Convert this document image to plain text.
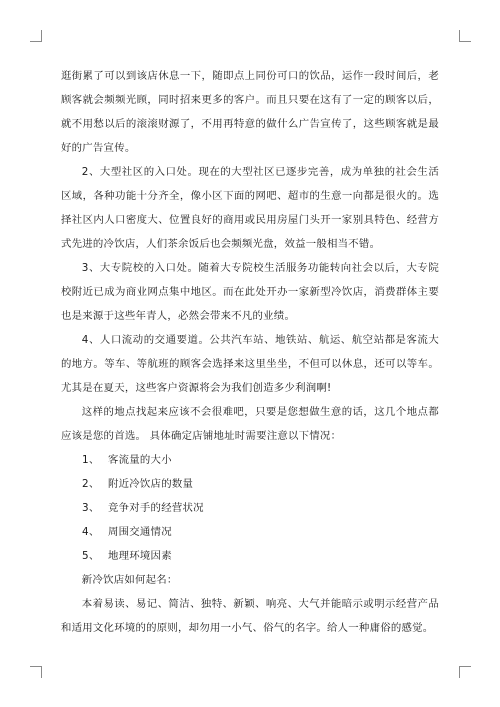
逛街累了可以到该店休息一下，随即点上同份可口的饮品，运作一段时间后，老顾客就会频频光顾，同时招来更多的客户。而且只要在这有了一定的顾客以后，就不用愁以后的滚滚财源了，不用再特意的做什么广告宣传了，这些顾客就是最好的广告宣传。

2、大型社区的入口处。现在的大型社区已逐步完善，成为单独的社会生活区域，各种功能十分齐全，像小区下面的网吧、超市的生意一向都是很火的。选择社区内人口密度大、位置良好的商用或民用房屋门头开一家别具特色、经营方式先进的冷饮店，人们茶余饭后也会频频光盘，效益一般相当不错。

3、大专院校的入口处。随着大专院校生活服务功能转向社会以后，大专院校附近已成为商业网点集中地区。而在此处开办一家新型冷饮店，消费群体主要也是来源于这些年青人，必然会带来不凡的业绩。

4、人口流动的交通要道。公共汽车站、地铁站、航运、航空站都是客流大的地方。等车、等航班的顾客会选择来这里坐坐，不但可以休息，还可以等车。尤其是在夏天，这些客户资源将会为我们创造多少利润啊!

这样的地点找起来应该不会很难吧，只要是您想做生意的话，这几个地点都应该是您的首选。 具体确定店铺地址时需要注意以下情况：

1、 客流量的大小
2、 附近冷饮店的数量
3、 竞争对手的经营状况
4、 周围交通情况
5、 地理环境因素

新冷饮店如何起名：

本着易读、易记、简洁、独特、新颖、响亮、大气并能暗示或明示经营产品和适用文化环境的的原则，却勿用一小气、俗气的名字。给人一种庸俗的感觉。
